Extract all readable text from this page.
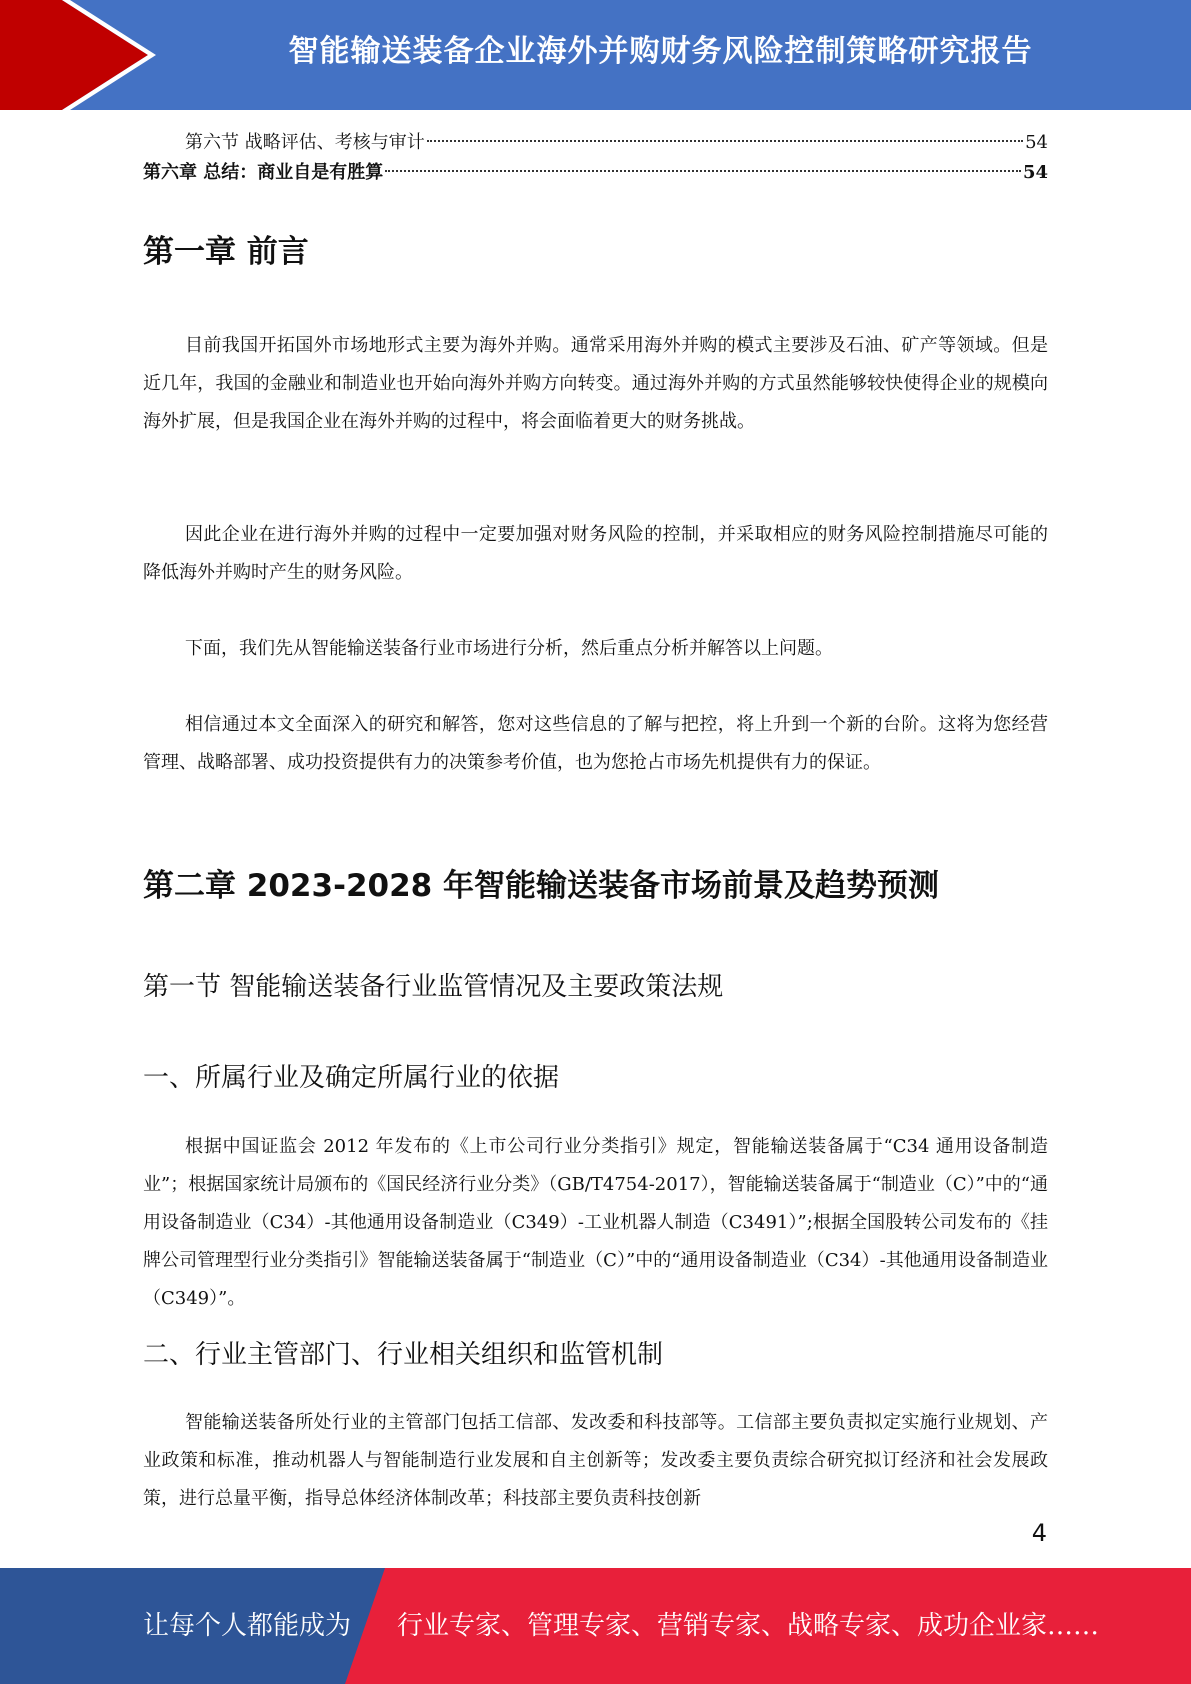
智能输送装备企业海外并购财务风险控制策略研究报告
第六节 战略评估、考核与审计	54
第六章 总结：商业自是有胜算	54
第一章 前言

目前我国开拓国外市场地形式主要为海外并购。通常采用海外并购的模式主要涉及石油、矿产等领域。但是近几年，我国的金融业和制造业也开始向海外并购方向转变。通过海外并购的方式虽然能够较快使得企业的规模向海外扩展，但是我国企业在海外并购的过程中，将会面临着更大的财务挑战。

因此企业在进行海外并购的过程中一定要加强对财务风险的控制，并采取相应的财务风险控制措施尽可能的降低海外并购时产生的财务风险。

下面，我们先从智能输送装备行业市场进行分析，然后重点分析并解答以上问题。

相信通过本文全面深入的研究和解答，您对这些信息的了解与把控，将上升到一个新的台阶。这将为您经营管理、战略部署、成功投资提供有力的决策参考价值，也为您抢占市场先机提供有力的保证。

第二章 2023-2028 年智能输送装备市场前景及趋势预测
第一节 智能输送装备行业监管情况及主要政策法规
一、所属行业及确定所属行业的依据

根据中国证监会 2012 年发布的《上市公司行业分类指引》规定，智能输送装备属于“C34 通用设备制造业”；根据国家统计局颁布的《国民经济行业分类》（GB/T4754-2017），智能输送装备属于“制造业（C）”中的“通用设备制造业（C34）-其他通用设备制造业（C349）-工业机器人制造（C3491）”;根据全国股转公司发布的《挂牌公司管理型行业分类指引》智能输送装备属于“制造业（C）”中的“通用设备制造业（C34）-其他通用设备制造业（C349）”。

二、行业主管部门、行业相关组织和监管机制

智能输送装备所处行业的主管部门包括工信部、发改委和科技部等。工信部主要负责拟定实施行业规划、产业政策和标准，推动机器人与智能制造行业发展和自主创新等；发改委主要负责综合研究拟订经济和社会发展政策，进行总量平衡，指导总体经济体制改革；科技部主要负责科技创新

4
让每个人都能成为 行业专家、管理专家、营销专家、战略专家、成功企业家……
